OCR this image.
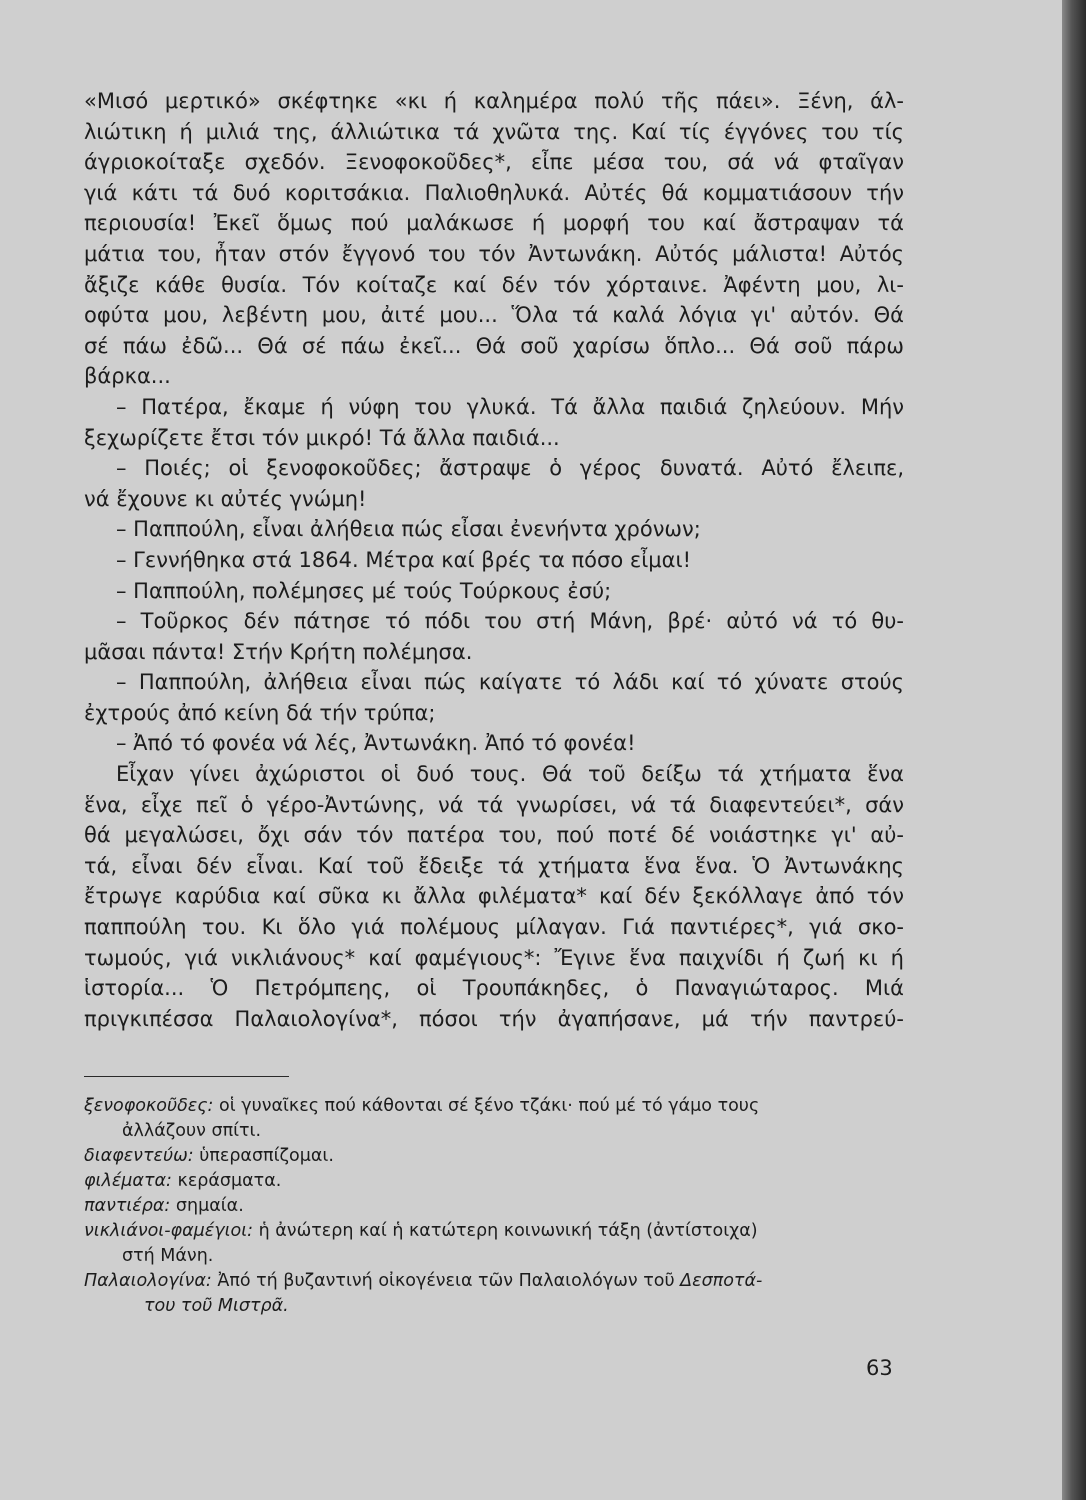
«Μισό μερτικό» σκέφτηκε «κι ή καλημέρα πολύ τῆς πάει». Ξένη, άλ-

λιώτικη ή μιλιά της, άλλιώτικα τά χνῶτα της. Καί τίς έγγόνες του τίς

άγριοκοίταξε σχεδόν. Ξενοφοκοῦδες*, εἶπε μέσα του, σά νά φταῖγαν

γιά κάτι τά δυό κοριτσάκια. Παλιοθηλυκά. Αὐτές θά κομματιάσουν τήν

περιουσία! Ἐκεῖ ὅμως πού μαλάκωσε ή μορφή του καί ἄστραψαν τά

μάτια του, ἦταν στόν ἔγγονό του τόν Ἀντωνάκη. Αὐτός μάλιστα! Αὐτός

ἄξιζε κάθε θυσία. Τόν κοίταζε καί δέν τόν χόρταινε. Ἀφέντη μου, λι-

οφύτα μου, λεβέντη μου, ἀιτέ μου... Ὅλα τά καλά λόγια γι' αὐτόν. Θά

σέ πάω ἐδῶ... Θά σέ πάω ἐκεῖ... Θά σοῦ χαρίσω ὅπλο... Θά σοῦ πάρω

βάρκα...

– Πατέρα, ἔκαμε ή νύφη του γλυκά. Τά ἄλλα παιδιά ζηλεύουν. Μήν

ξεχωρίζετε ἔτσι τόν μικρό! Τά ἄλλα παιδιά...

– Ποιές; οἱ ξενοφοκοῦδες; ἄστραψε ὁ γέρος δυνατά. Αὐτό ἔλειπε,

νά ἔχουνε κι αὐτές γνώμη!

– Παππούλη, εἶναι ἀλήθεια πώς εἶσαι ἐνενήντα χρόνων;

– Γεννήθηκα στά 1864. Μέτρα καί βρές τα πόσο εἶμαι!

– Παππούλη, πολέμησες μέ τούς Τούρκους ἐσύ;

– Τοῦρκος δέν πάτησε τό πόδι του στή Μάνη, βρέ· αὐτό νά τό θυ-

μᾶσαι πάντα! Στήν Κρήτη πολέμησα.

– Παππούλη, ἀλήθεια εἶναι πώς καίγατε τό λάδι καί τό χύνατε στούς

ἐχτρούς ἀπό κείνη δά τήν τρύπα;

– Ἀπό τό φονέα νά λές, Ἀντωνάκη. Ἀπό τό φονέα!

Εἶχαν γίνει ἀχώριστοι οἱ δυό τους. Θά τοῦ δείξω τά χτήματα ἕνα

ἕνα, εἶχε πεῖ ὁ γέρο-Ἀντώνης, νά τά γνωρίσει, νά τά διαφεντεύει*, σάν

θά μεγαλώσει, ὄχι σάν τόν πατέρα του, πού ποτέ δέ νοιάστηκε γι' αὐ-

τά, εἶναι δέν εἶναι. Καί τοῦ ἔδειξε τά χτήματα ἕνα ἕνα. Ὁ Ἀντωνάκης

ἔτρωγε καρύδια καί σῦκα κι ἄλλα φιλέματα* καί δέν ξεκόλλαγε ἀπό τόν

παππούλη του. Κι ὅλο γιά πολέμους μίλαγαν. Γιά παντιέρες*, γιά σκο-

τωμούς, γιά νικλιάνους* καί φαμέγιους*: Ἔγινε ἕνα παιχνίδι ή ζωή κι ή

ἱστορία... Ὁ Πετρόμπεης, οἱ Τρουπάκηδες, ὁ Παναγιώταρος. Μιά

πριγκιπέσσα Παλαιολογίνα*, πόσοι τήν ἀγαπήσανε, μά τήν παντρεύ-

ξενοφοκοῦδες: οἱ γυναῖκες πού κάθονται σέ ξένο τζάκι· πού μέ τό γάμο τους
ἀλλάζουν σπίτι.

διαφεντεύω: ὑπερασπίζομαι.

φιλέματα: κεράσματα.

παντιέρα: σημαία.

νικλιάνοι-φαμέγιοι: ἡ ἀνώτερη καί ἡ κατώτερη κοινωνική τάξη (ἀντίστοιχα)
στή Μάνη.

Παλαιολογίνα: Ἀπό τή βυζαντινή οἰκογένεια τῶν Παλαιολόγων τοῦ Δεσποτά-
του τοῦ Μιστρᾶ.

63
